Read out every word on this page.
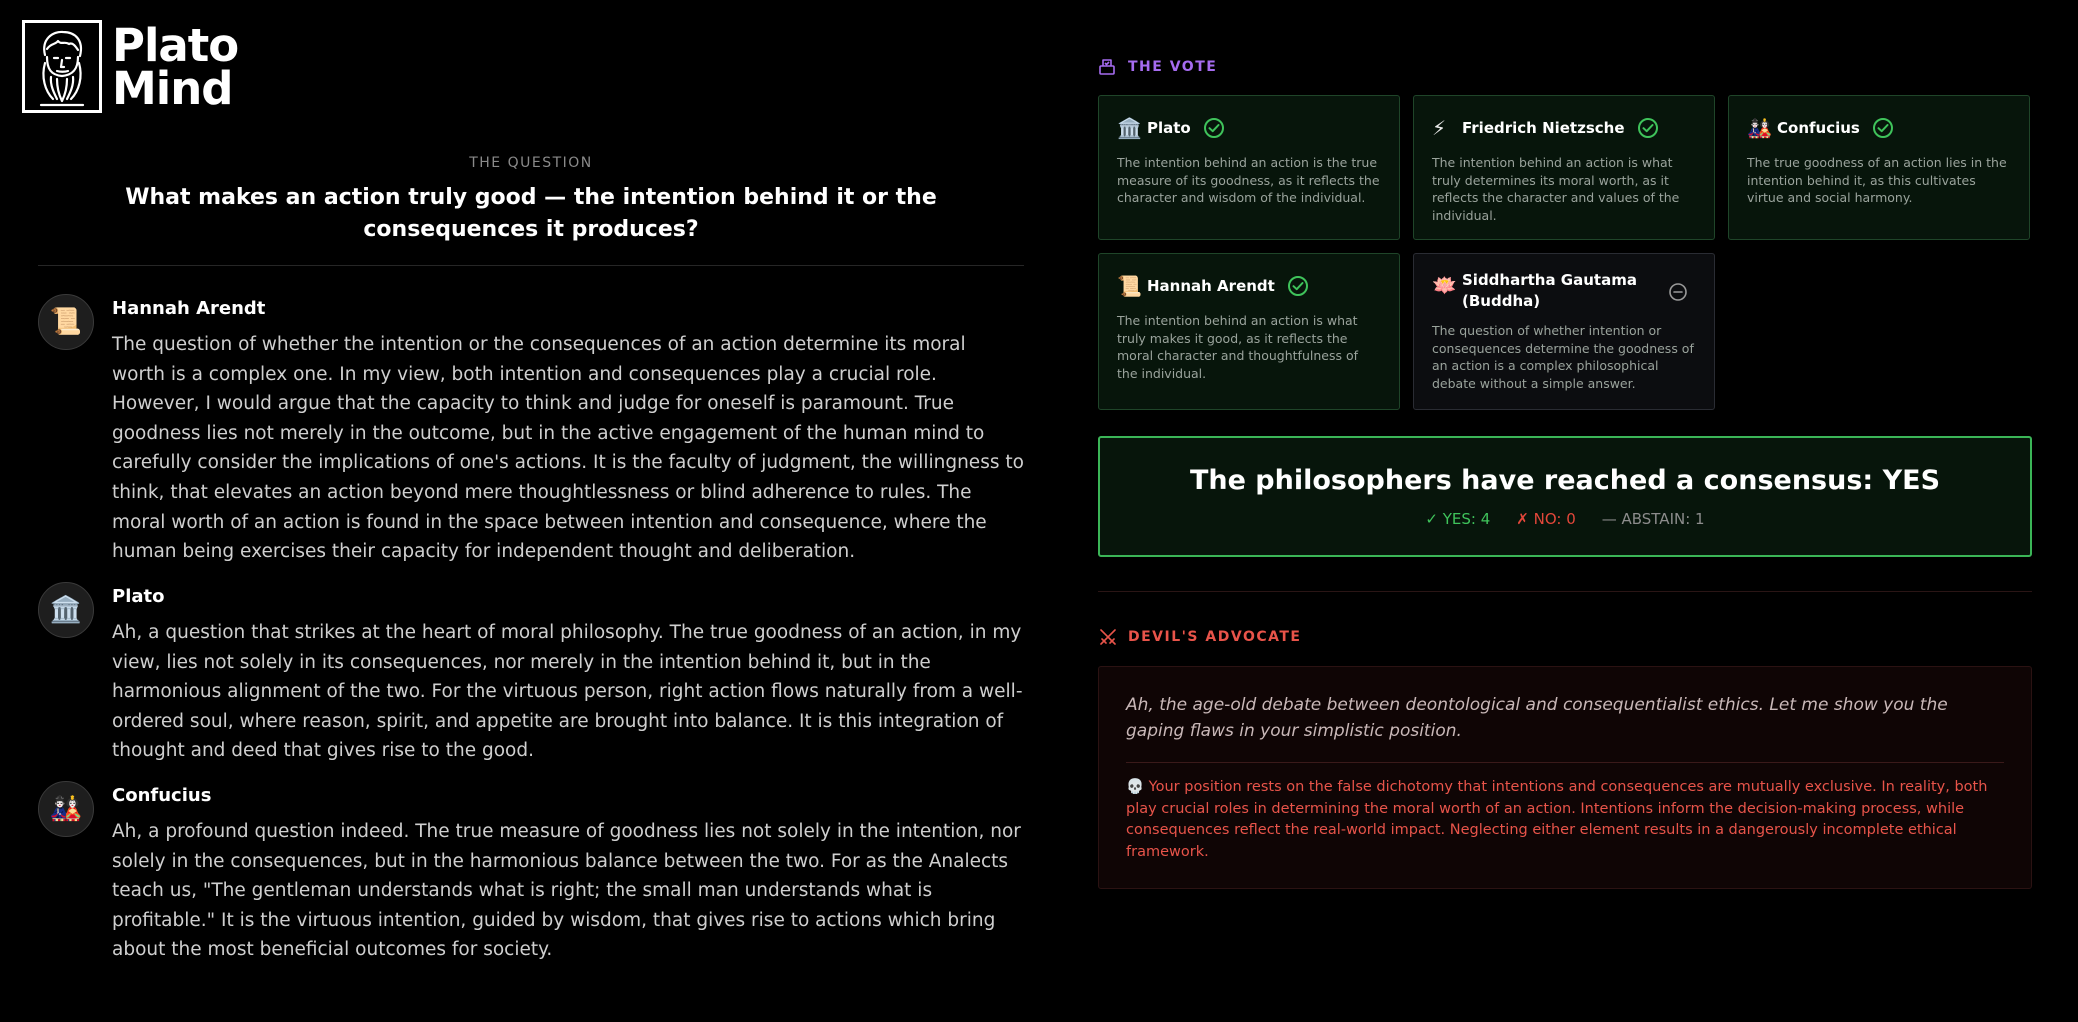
Plato
Mind
THE QUESTION
What makes an action truly good — the intention behind it or the consequences it produces?
📜 Hannah Arendt
The question of whether the intention or the consequences of an action determine its moral worth is a complex one. In my view, both intention and consequences play a crucial role. However, I would argue that the capacity to think and judge for oneself is paramount. True goodness lies not merely in the outcome, but in the active engagement of the human mind to carefully consider the implications of one's actions. It is the faculty of judgment, the willingness to think, that elevates an action beyond mere thoughtlessness or blind adherence to rules. The moral worth of an action is found in the space between intention and consequence, where the human being exercises their capacity for independent thought and deliberation.
🏛️ Plato
Ah, a question that strikes at the heart of moral philosophy. The true goodness of an action, in my view, lies not solely in its consequences, nor merely in the intention behind it, but in the harmonious alignment of the two. For the virtuous person, right action flows naturally from a well-ordered soul, where reason, spirit, and appetite are brought into balance. It is this integration of thought and deed that gives rise to the good.
🎎 Confucius
Ah, a profound question indeed. The true measure of goodness lies not solely in the intention, nor solely in the consequences, but in the harmonious balance between the two. For as the Analects teach us, "The gentleman understands what is right; the small man understands what is profitable." It is the virtuous intention, guided by wisdom, that gives rise to actions which bring about the most beneficial outcomes for society.
THE VOTE
🏛️ Plato
The intention behind an action is the true measure of its goodness, as it reflects the character and wisdom of the individual.
⚡	Friedrich Nietzsche
The intention behind an action is what truly determines its moral worth, as it reflects the character and values of the individual.
🎎 Confucius
The true goodness of an action lies in the intention behind it, as this cultivates virtue and social harmony.
📜 Hannah Arendt
The intention behind an action is what truly makes it good, as it reflects the moral character and thoughtfulness of the individual.
🪷 Siddhartha Gautama (Buddha)
The question of whether intention or consequences determine the goodness of an action is a complex philosophical debate without a simple answer.
The philosophers have reached a consensus: YES
✓ YES: 4 ✗ NO: 0 — ABSTAIN: 1
DEVIL'S ADVOCATE
Ah, the age-old debate between deontological and consequentialist ethics. Let me show you the gaping flaws in your simplistic position.
💀 Your position rests on the false dichotomy that intentions and consequences are mutually exclusive. In reality, both play crucial roles in determining the moral worth of an action. Intentions inform the decision-making process, while consequences reflect the real-world impact. Neglecting either element results in a dangerously incomplete ethical framework.
